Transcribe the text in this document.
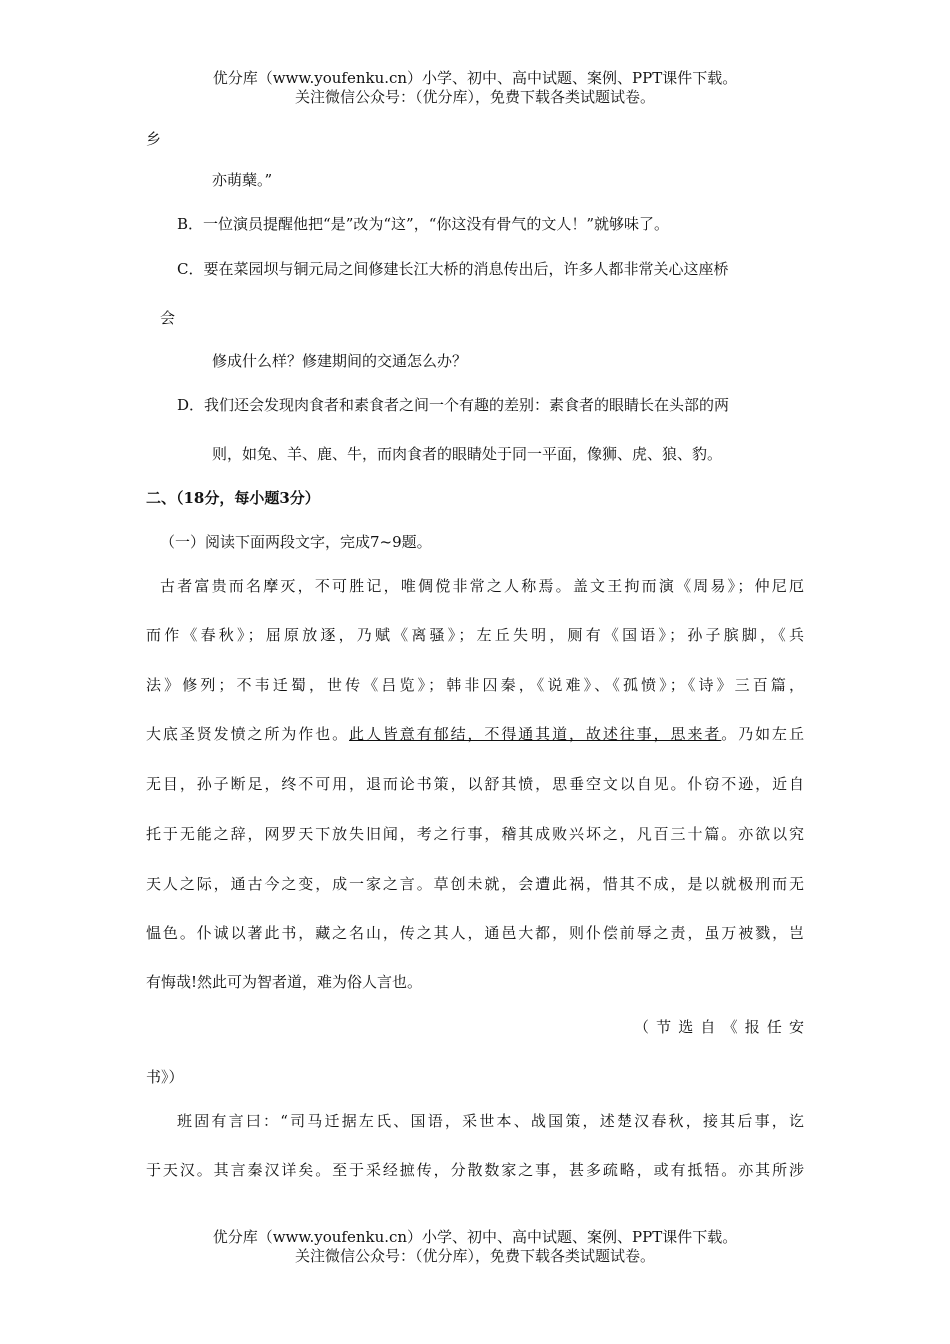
优分库（www.youfenku.cn）小学、初中、高中试题、案例、PPT课件下载。
关注微信公众号：（优分库），免费下载各类试题试卷。
乡
亦萌蘖。”
B．一位演员提醒他把“是”改为“这”，“你这没有骨气的文人！”就够味了。
C．要在菜园坝与铜元局之间修建长江大桥的消息传出后，许多人都非常关心这座桥
会
修成什么样？修建期间的交通怎么办？
D．我们还会发现肉食者和素食者之间一个有趣的差别：素食者的眼睛长在头部的两
则，如兔、羊、鹿、牛，而肉食者的眼睛处于同一平面，像狮、虎、狼、豹。
二、（18分，每小题3分）
（一）阅读下面两段文字，完成7~9题。
古者富贵而名摩灭，不可胜记，唯倜傥非常之人称焉。盖文王拘而演《周易》；仲尼厄
而作《春秋》；屈原放逐，乃赋《离骚》；左丘失明，厕有《国语》；孙子膑脚，《兵
法》修列；不韦迁蜀，世传《吕览》；韩非囚秦，《说难》、《孤愤》；《诗》三百篇，
大底圣贤发愤之所为作也。此人皆意有郁结，不得通其道，故述往事，思来者。乃如左丘
无目，孙子断足，终不可用，退而论书策，以舒其愤，思垂空文以自见。仆窃不逊，近自
托于无能之辞，网罗天下放失旧闻，考之行事，稽其成败兴坏之，凡百三十篇。亦欲以究
天人之际，通古今之变，成一家之言。草创未就，会遭此祸，惜其不成，是以就极刑而无
愠色。仆诚以著此书，藏之名山，传之其人，通邑大都，则仆偿前辱之责，虽万被戮，岂
有悔哉!然此可为智者道，难为俗人言也。
（节选自《报任安
书》）
班固有言曰：“司马迁据左氏、国语，采世本、战国策，述楚汉春秋，接其后事，讫
于天汉。其言秦汉详矣。至于采经摭传，分散数家之事，甚多疏略，或有抵牾。亦其所涉
优分库（www.youfenku.cn）小学、初中、高中试题、案例、PPT课件下载。
关注微信公众号：（优分库），免费下载各类试题试卷。
